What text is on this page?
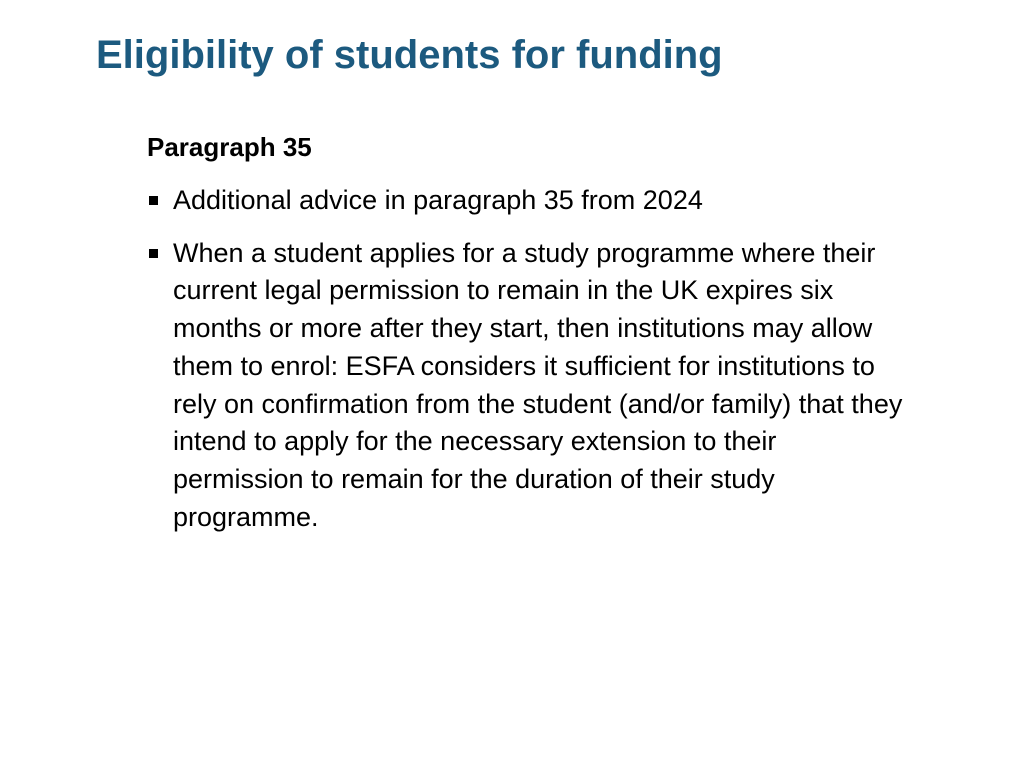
Eligibility of students for funding
Paragraph 35
Additional advice in paragraph 35 from 2024
When a student applies for a study programme where their current legal permission to remain in the UK expires six months or more after they start, then institutions may allow them to enrol: ESFA considers it sufficient for institutions to rely on confirmation from the student (and/or family) that they intend to apply for the necessary extension to their permission to remain for the duration of their study programme.
